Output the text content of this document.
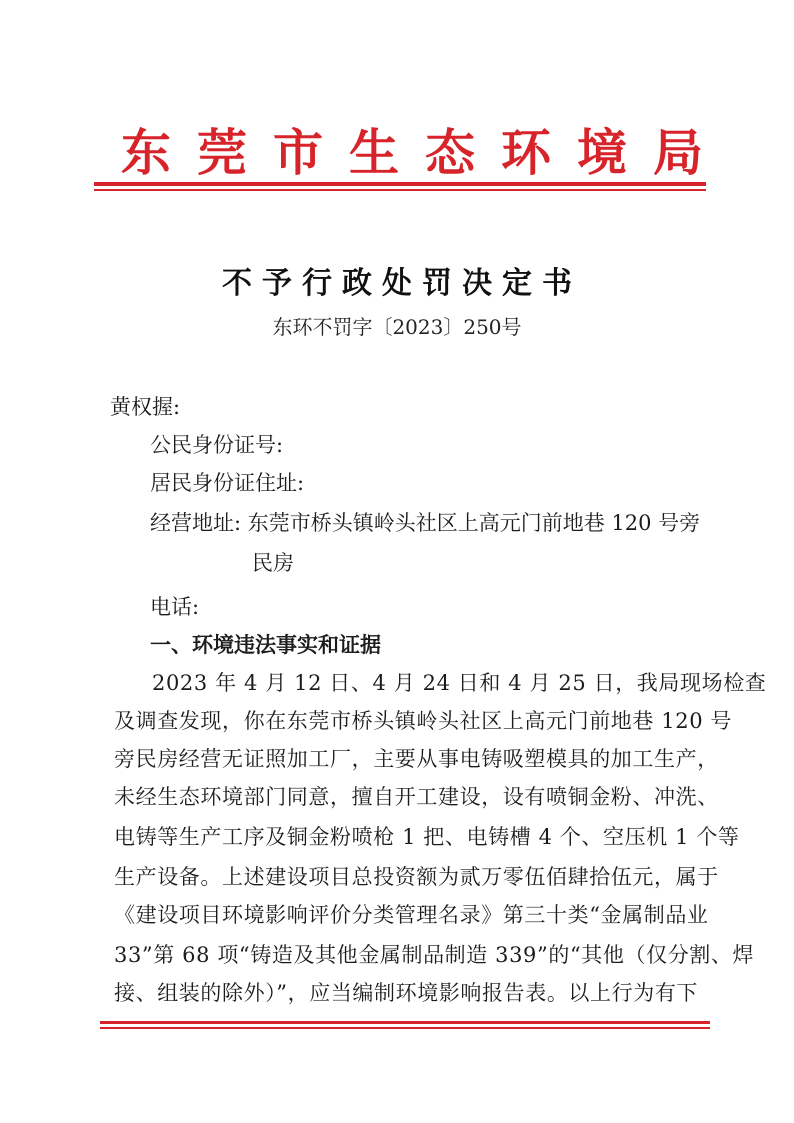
东莞市生态环境局
不予行政处罚决定书
东环不罚字〔2023〕250号
黄权握:
公民身份证号:
居民身份证住址:
经营地址: 东莞市桥头镇岭头社区上高元门前地巷 120 号旁
民房
电话:
一、环境违法事实和证据
2023 年 4 月 12 日、4 月 24 日和 4 月 25 日，我局现场检查
及调查发现，你在东莞市桥头镇岭头社区上高元门前地巷 120 号
旁民房经营无证照加工厂，主要从事电铸吸塑模具的加工生产，
未经生态环境部门同意，擅自开工建设，设有喷铜金粉、冲洗、
电铸等生产工序及铜金粉喷枪 1 把、电铸槽 4 个、空压机 1 个等
生产设备。上述建设项目总投资额为贰万零伍佰肆拾伍元，属于
《建设项目环境影响评价分类管理名录》第三十类“金属制品业
33”第 68 项“铸造及其他金属制品制造 339”的“其他（仅分割、焊
接、组装的除外）”，应当编制环境影响报告表。以上行为有下
